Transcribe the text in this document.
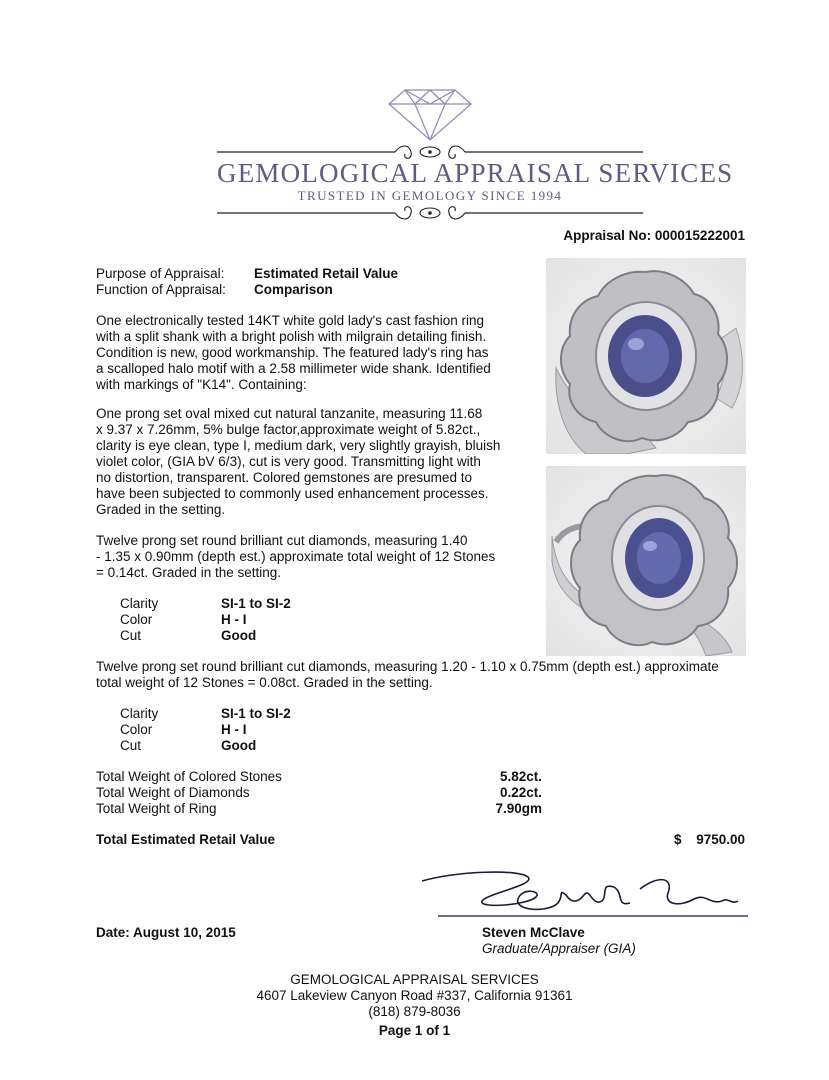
GEMOLOGICAL APPRAISAL SERVICES
TRUSTED IN GEMOLOGY SINCE 1994
Appraisal No: 000015222001
Purpose of Appraisal: Estimated Retail Value
Function of Appraisal: Comparison
One electronically tested 14KT white gold lady's cast fashion ring
with a split shank with a bright polish with milgrain detailing finish.
Condition is new, good workmanship. The featured lady's ring has
a scalloped halo motif with a 2.58 millimeter wide shank. Identified
with markings of "K14". Containing:
One prong set oval mixed cut natural tanzanite, measuring 11.68
x 9.37 x 7.26mm, 5% bulge factor,approximate weight of 5.82ct.,
clarity is eye clean, type I, medium dark, very slightly grayish, bluish
violet color, (GIA bV 6/3), cut is very good. Transmitting light with
no distortion, transparent. Colored gemstones are presumed to
have been subjected to commonly used enhancement processes.
Graded in the setting.
Twelve prong set round brilliant cut diamonds, measuring 1.40
- 1.35 x 0.90mm (depth est.) approximate total weight of 12 Stones
= 0.14ct. Graded in the setting.
Clarity	SI-1 to SI-2
Color	H - I
Cut	Good
Twelve prong set round brilliant cut diamonds, measuring 1.20 - 1.10 x 0.75mm (depth est.) approximate
total weight of 12 Stones = 0.08ct. Graded in the setting.
Clarity	SI-1 to SI-2
Color	H - I
Cut	Good
Total Weight of Colored Stones	5.82ct.
Total Weight of Diamonds	0.22ct.
Total Weight of Ring	7.90gm
Total Estimated Retail Value	$ 9750.00
Date: August 10, 2015	Steven McClave
Graduate/Appraiser (GIA)
GEMOLOGICAL APPRAISAL SERVICES
4607 Lakeview Canyon Road #337, California 91361
(818) 879-8036
Page 1 of 1
